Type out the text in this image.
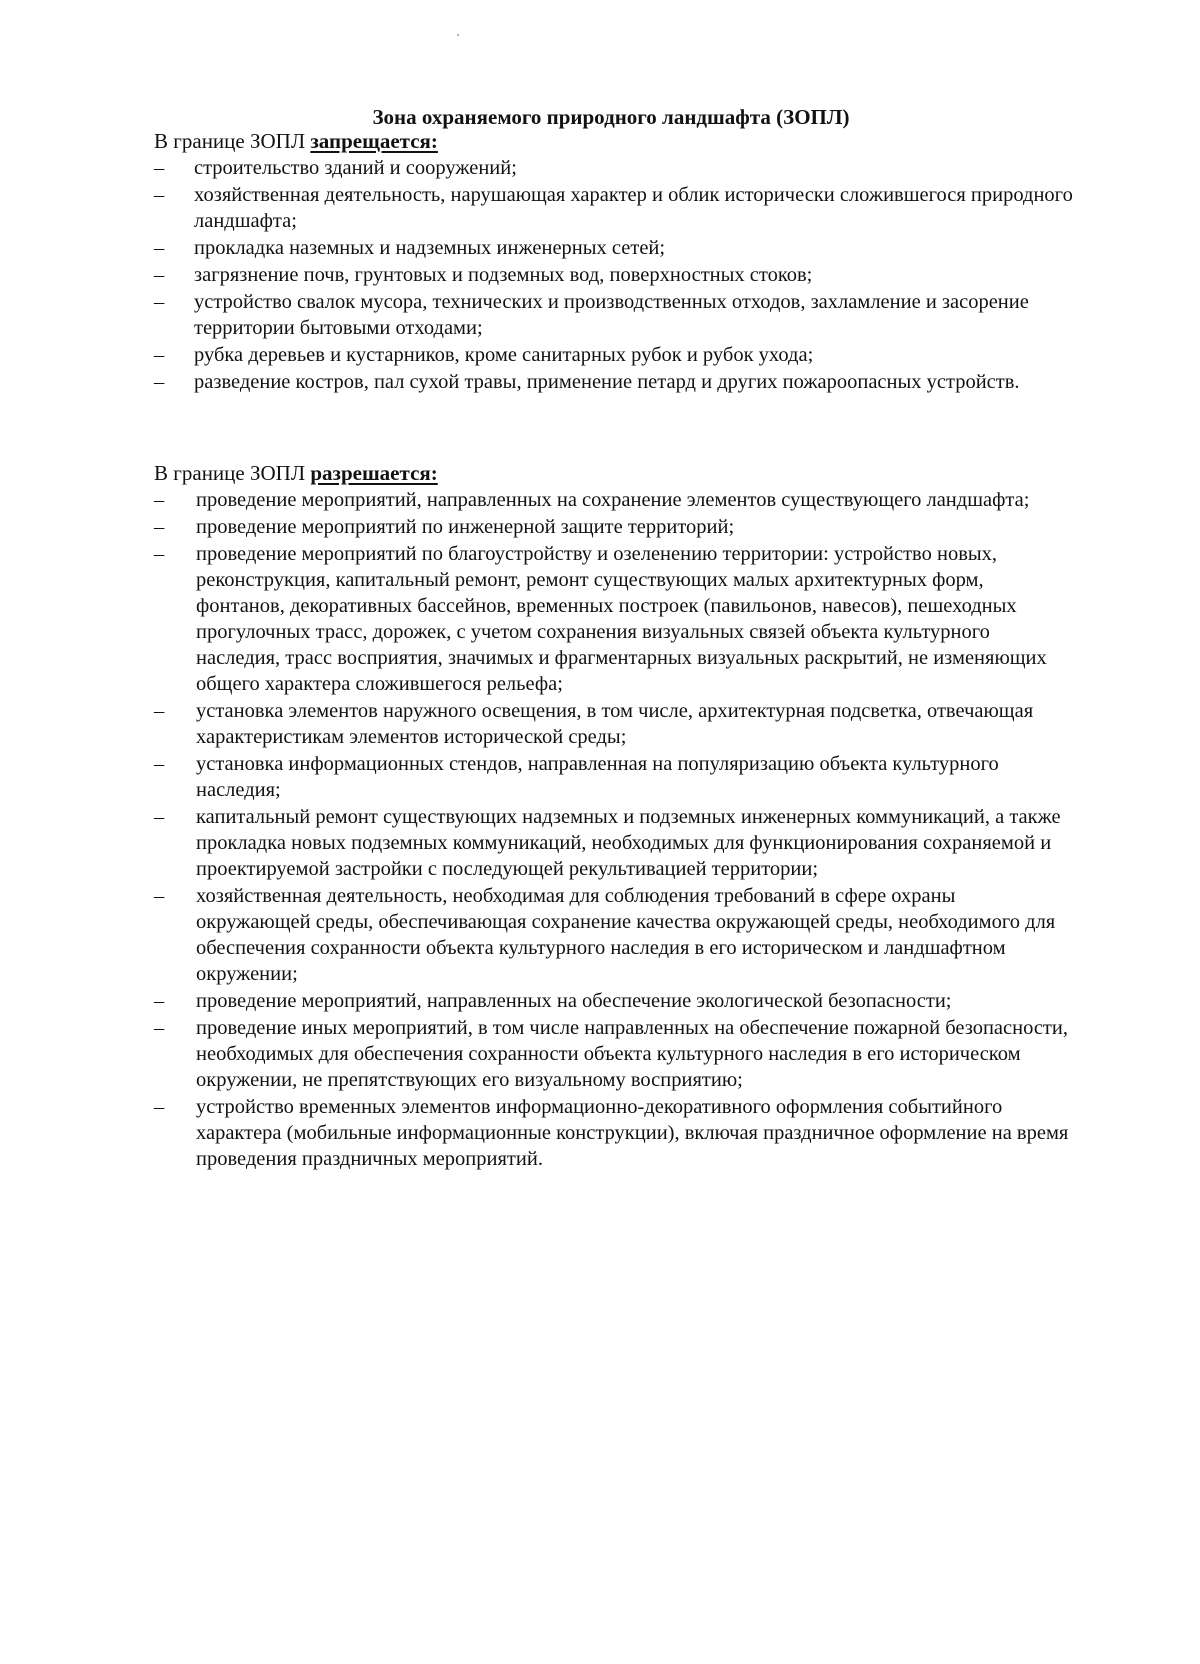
Зона охраняемого природного ландшафта (ЗОПЛ)
В границе ЗОПЛ запрещается:
–	строительство зданий и сооружений;
–	хозяйственная деятельность, нарушающая характер и облик исторически сложившегося природного ландшафта;
–	прокладка наземных и надземных инженерных сетей;
–	загрязнение почв, грунтовых и подземных вод, поверхностных стоков;
–	устройство свалок мусора, технических и производственных отходов, захламление и засорение территории бытовыми отходами;
–	рубка деревьев и кустарников, кроме санитарных рубок и рубок ухода;
–	разведение костров, пал сухой травы, применение петард и других пожароопасных устройств.
В границе ЗОПЛ разрешается:
–	проведение мероприятий, направленных на сохранение элементов существующего ландшафта;
–	проведение мероприятий по инженерной защите территорий;
–	проведение мероприятий по благоустройству и озеленению территории: устройство новых, реконструкция, капитальный ремонт, ремонт существующих малых архитектурных форм, фонтанов, декоративных бассейнов, временных построек (павильонов, навесов), пешеходных прогулочных трасс, дорожек, с учетом сохранения визуальных связей объекта культурного наследия, трасс восприятия, значимых и фрагментарных визуальных раскрытий, не изменяющих общего характера сложившегося рельефа;
–	установка элементов наружного освещения, в том числе, архитектурная подсветка, отвечающая характеристикам элементов исторической среды;
–	установка информационных стендов, направленная на популяризацию объекта культурного наследия;
–	капитальный ремонт существующих надземных и подземных инженерных коммуникаций, а также прокладка новых подземных коммуникаций, необходимых для функционирования сохраняемой и проектируемой застройки с последующей рекультивацией территории;
–	хозяйственная деятельность, необходимая для соблюдения требований в сфере охраны окружающей среды, обеспечивающая сохранение качества окружающей среды, необходимого для обеспечения сохранности объекта культурного наследия в его историческом и ландшафтном окружении;
–	проведение мероприятий, направленных на обеспечение экологической безопасности;
–	проведение иных мероприятий, в том числе направленных на обеспечение пожарной безопасности, необходимых для обеспечения сохранности объекта культурного наследия в его историческом окружении, не препятствующих его визуальному восприятию;
–	устройство временных элементов информационно-декоративного оформления событийного характера (мобильные информационные конструкции), включая праздничное оформление на время проведения праздничных мероприятий.
